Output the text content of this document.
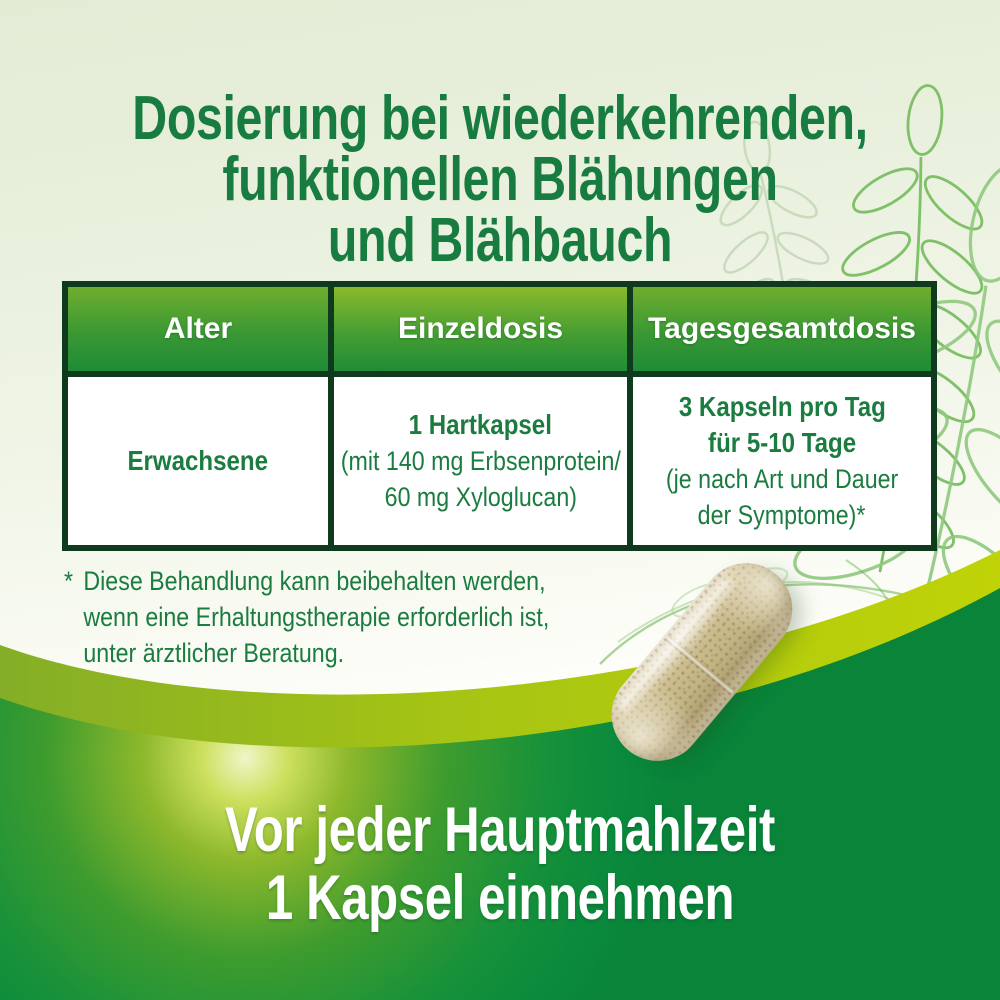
Dosierung bei wiederkehrenden,
funktionellen Blähungen
und Blähbauch
Alter	Einzeldosis	Tagesgesamtdosis
Erwachsene
1 Hartkapsel
(mit 140 mg Erbsenprotein/
60 mg Xyloglucan)
3 Kapseln pro Tag
für 5-10 Tage
(je nach Art und Dauer
der Symptome)*
* Diese Behandlung kann beibehalten werden,
wenn eine Erhaltungstherapie erforderlich ist,
unter ärztlicher Beratung.
Vor jeder Hauptmahlzeit
1 Kapsel einnehmen
